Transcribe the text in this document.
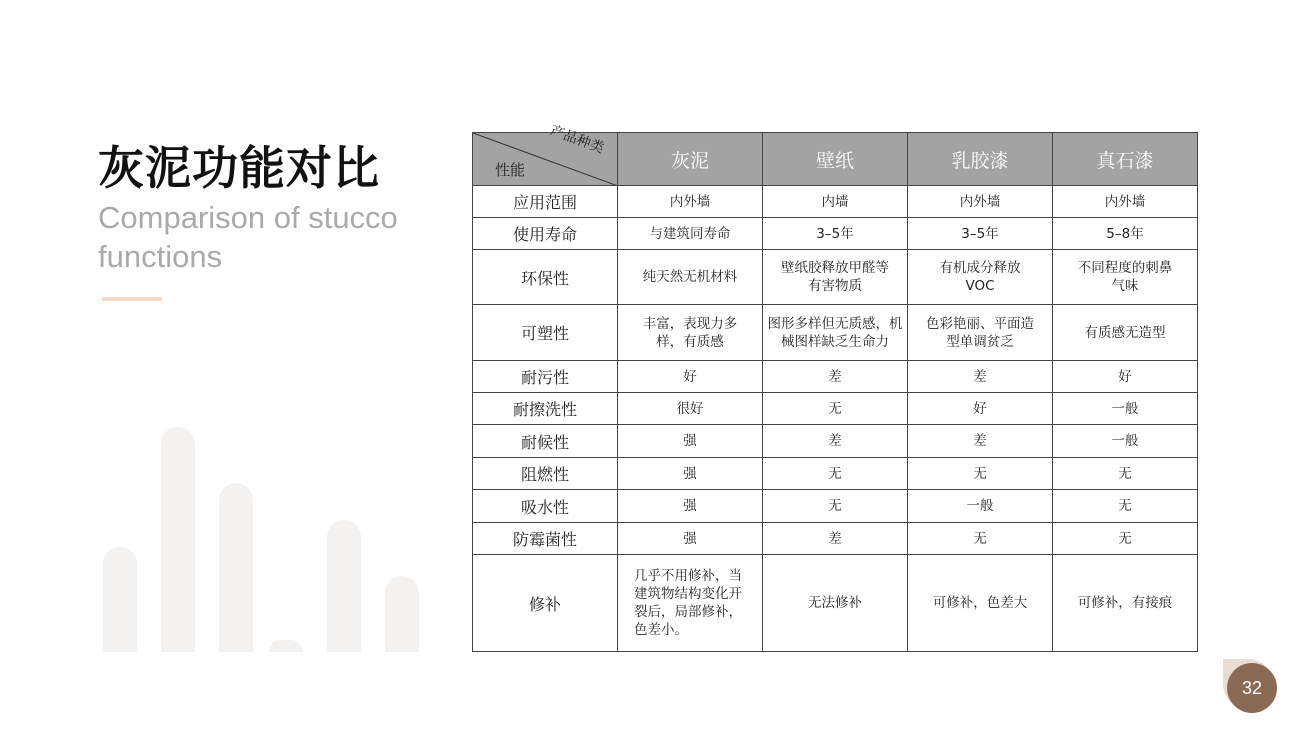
灰泥功能对比
Comparison of stucco functions
产品种类
性能	灰泥	壁纸	乳胶漆	真石漆
应用范围	内外墙	内墙	内外墙	内外墙
使用寿命	与建筑同寿命	3–5年	3–5年	5–8年
环保性	纯天然无机材料	壁纸胶释放甲醛等有害物质	有机成分释放VOC	不同程度的刺鼻气味
可塑性	丰富，表现力多样，有质感	图形多样但无质感，机械图样缺乏生命力	色彩艳丽、平面造型单调贫乏	有质感无造型
耐污性	好	差	差	好
耐擦洗性	很好	无	好	一般
耐候性	强	差	差	一般
阻燃性	强	无	无	无
吸水性	强	无	一般	无
防霉菌性	强	差	无	无
修补	几乎不用修补，当建筑物结构变化开裂后，局部修补，色差小。	无法修补	可修补，色差大	可修补，有接痕
32
